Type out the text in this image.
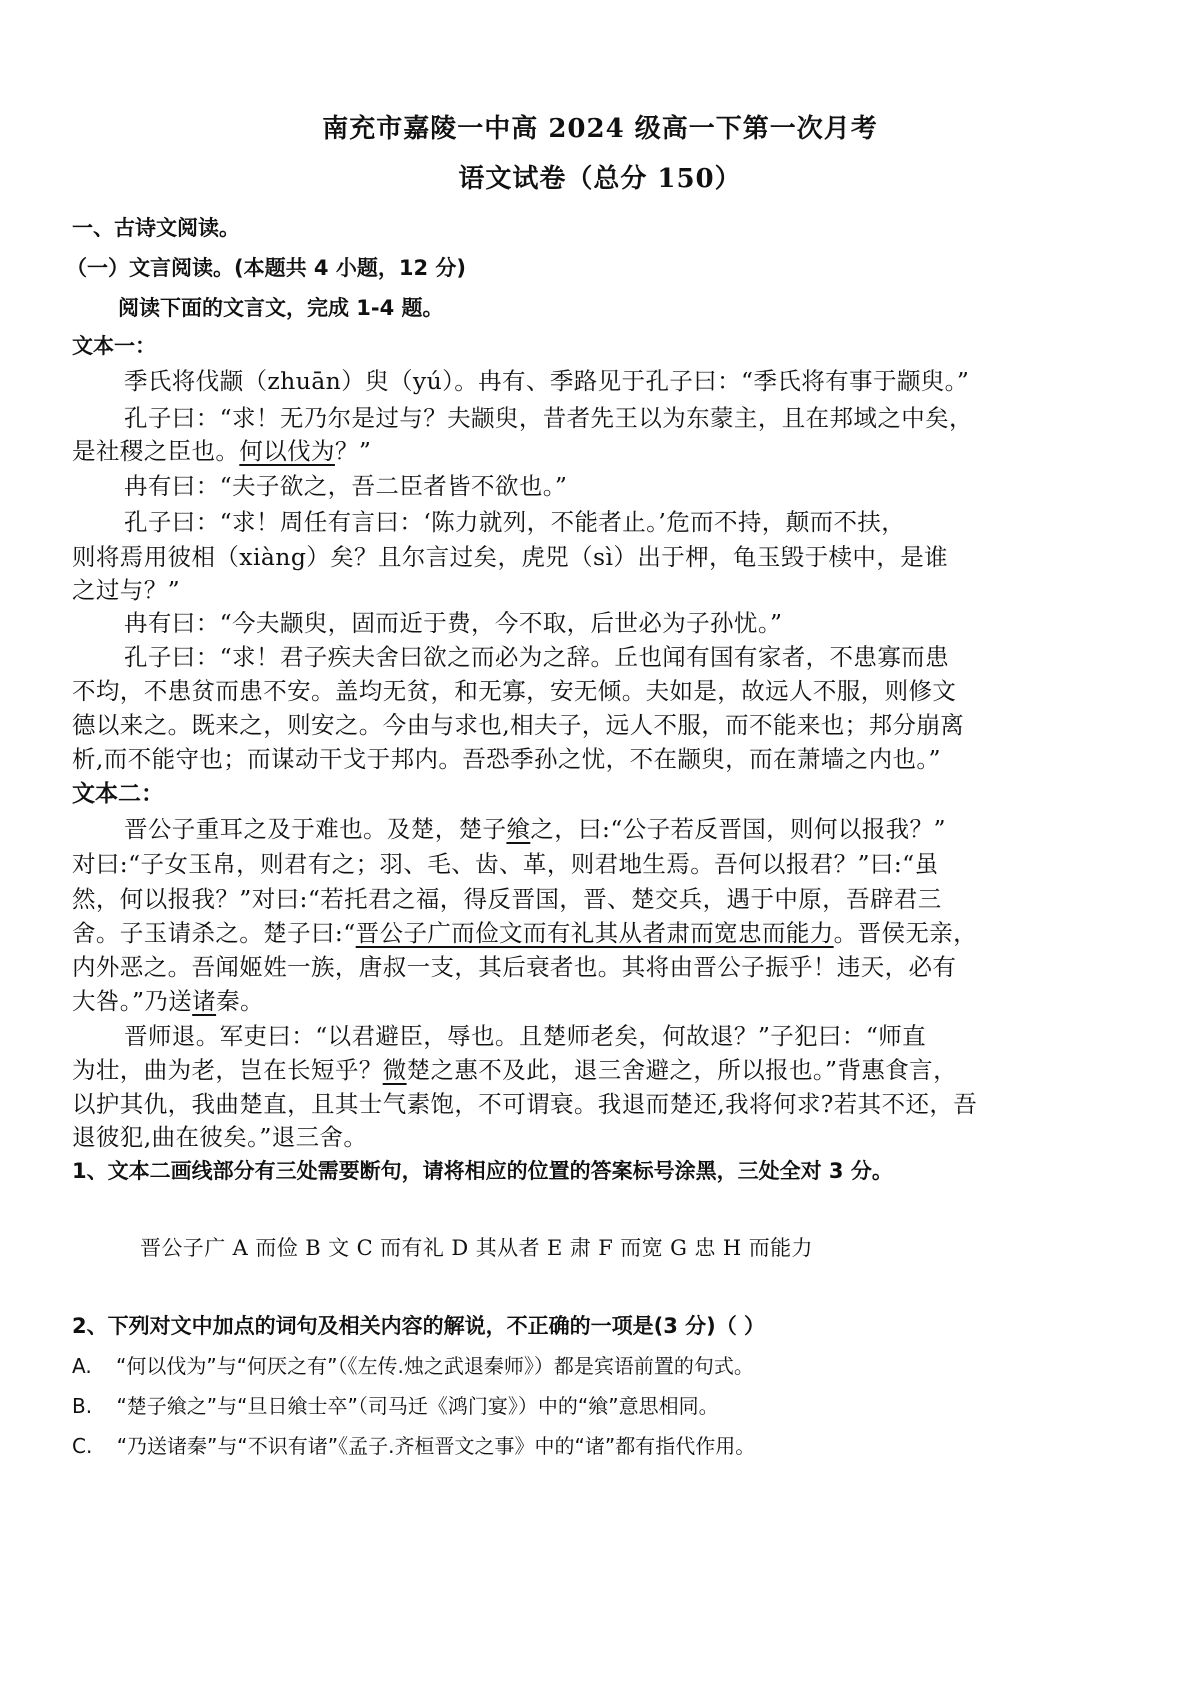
南充市嘉陵一中高 2024 级高一下第一次月考
语文试卷（总分 150）
一、古诗文阅读。
（一）文言阅读。(本题共 4 小题，12 分)
阅读下面的文言文，完成 1-4 题。
文本一：
季氏将伐颛（zhuān）臾（yú）。冉有、季路见于孔子曰：“季氏将有事于颛臾。”
孔子曰：“求！无乃尔是过与？夫颛臾，昔者先王以为东蒙主，且在邦域之中矣，
是社稷之臣也。何以伐为？”
冉有曰：“夫子欲之，吾二臣者皆不欲也。”
孔子曰：“求！周任有言曰：‘陈力就列，不能者止。’危而不持，颠而不扶，
则将焉用彼相（xiàng）矣？且尔言过矣，虎兕（sì）出于柙，龟玉毁于椟中，是谁
之过与？”
冉有曰：“今夫颛臾，固而近于费，今不取，后世必为子孙忧。”
孔子曰：“求！君子疾夫舍曰欲之而必为之辞。丘也闻有国有家者，不患寡而患
不均，不患贫而患不安。盖均无贫，和无寡，安无倾。夫如是，故远人不服，则修文
德以来之。既来之，则安之。今由与求也,相夫子，远人不服，而不能来也；邦分崩离
析,而不能守也；而谋动干戈于邦内。吾恐季孙之忧，不在颛臾，而在萧墙之内也。”
文本二：
晋公子重耳之及于难也。及楚，楚子飨之，曰:“公子若反晋国，则何以报我？”
对曰:“子女玉帛，则君有之；羽、毛、齿、革，则君地生焉。吾何以报君？”曰:“虽
然，何以报我？”对曰:“若托君之福，得反晋国，晋、楚交兵，遇于中原，吾辟君三
舍。子玉请杀之。楚子曰:“晋公子广而俭文而有礼其从者肃而宽忠而能力。晋侯无亲，
内外恶之。吾闻姬姓一族，唐叔一支，其后衰者也。其将由晋公子振乎！违天，必有
大咎。”乃送诸秦。
晋师退。军吏曰：“以君避臣，辱也。且楚师老矣，何故退？”子犯曰：“师直
为壮，曲为老，岂在长短乎？微楚之惠不及此，退三舍避之，所以报也。”背惠食言，
以护其仇，我曲楚直，且其士气素饱，不可谓衰。我退而楚还,我将何求?若其不还，吾
退彼犯,曲在彼矣。”退三舍。
1、文本二画线部分有三处需要断句，请将相应的位置的答案标号涂黑，三处全对 3 分。
晋公子广 A 而俭 B 文 C 而有礼 D 其从者 E 肃 F 而宽 G 忠 H 而能力
2、下列对文中加点的词句及相关内容的解说，不正确的一项是(3 分)（ ）
A. “何以伐为”与“何厌之有”（《左传.烛之武退秦师》）都是宾语前置的句式。
B. “楚子飨之”与“旦日飨士卒”（司马迁《鸿门宴》）中的“飨”意思相同。
C. “乃送诸秦”与“不识有诸”《孟子.齐桓晋文之事》中的“诸”都有指代作用。
